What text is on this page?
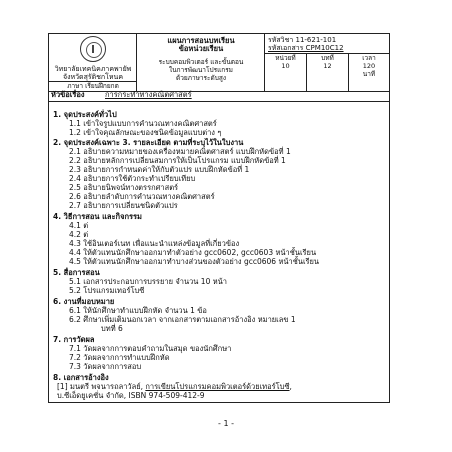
วิทยาลัยเทคนิคภาคพายัพ
จังหวัดสุรัติชกโหนค
ภาษา เรียนฝึกยกต
แผนการสอนบทเรียน
ข้อหน่วยเรียน
ระบบคอมพิวเตอร์ และขั้นตอน
ในการพัฒนาโปรแกรม
ด้วยภาษาระดับสูง
รหัสวิชา 11-621-101
รหัสเอกสาร CPM10C12
หน่วยที่
10
บทที่
12
เวลา
120
นาที
หัวข้อเรื่อง	การกระทำทางคณิตศาสตร์
1. จุดประสงค์ทั่วไป
1.1 เข้าใจรูปแบบการคำนวณทางคณิตศาสตร์
1.2 เข้าใจคุณลักษณะของชนิดข้อมูลแบบต่าง ๆ
2. จุดประสงค์เฉพาะ 3. รายละเอียด ตามที่ระบุไว้ในใบงาน
2.1 อธิบายความหมายของเครื่องหมายคณิตศาสตร์ แบบฝึกหัดข้อที่ 1
2.2 อธิบายหลักการเปลี่ยนสมการให้เป็นโปรแกรม แบบฝึกหัดข้อที่ 1
2.3 อธิบายการกำหนดค่าให้กับตัวแปร แบบฝึกหัดข้อที่ 1
2.4 อธิบายการใช้ตัวกระทำเปรียบเทียบ
2.5 อธิบายนิพจน์ทางตรรกศาสตร์
2.6 อธิบายลำดับการคำนวณทางคณิตศาสตร์
2.7 อธิบายการเปลี่ยนชนิดตัวแปร
4. วิธีการสอน และกิจกรรม
4.1 ต่
4.2 ต่
4.3 ใช้อินเตอร์เนท เพื่อแนะนำแหล่งข้อมูลที่เกี่ยวข้อง
4.4 ให้ตัวแทนนักศึกษาออกมาทำตัวอย่าง gcc0602, gcc0603 หน้าชั้นเรียน
4.5 ให้ตัวแทนนักศึกษาออกมาทำบางส่วนของตัวอย่าง gcc0606 หน้าชั้นเรียน
5. สื่อการสอน
5.1 เอกสารประกอบการบรรยาย จำนวน 10 หน้า
5.2 โปรแกรมเทอร์โบซี
6. งานที่มอบหมาย
6.1 ให้นักศึกษาทำแบบฝึกหัด จำนวน 1 ข้อ
6.2 ศึกษาเพิ่มเติมนอกเวลา จากเอกสารตามเอกสารอ้างอิง หมายเลข 1
บทที่ 6
7. การวัดผล
7.1 วัดผลจากการตอบคำถามในสมุด ของนักศึกษา
7.2 วัดผลจากการทำแบบฝึกหัด
7.3 วัดผลจากการสอบ
8. เอกสารอ้างอิง
[1] มนตรี พจนารถลาวัลย์, การเขียนโปรแกรมคอมพิวเตอร์ด้วยเทอร์โบซี,
บ.ซีเอ็ดยูเคชั่น จำกัด, ISBN 974-509-412-9
- 1 -
